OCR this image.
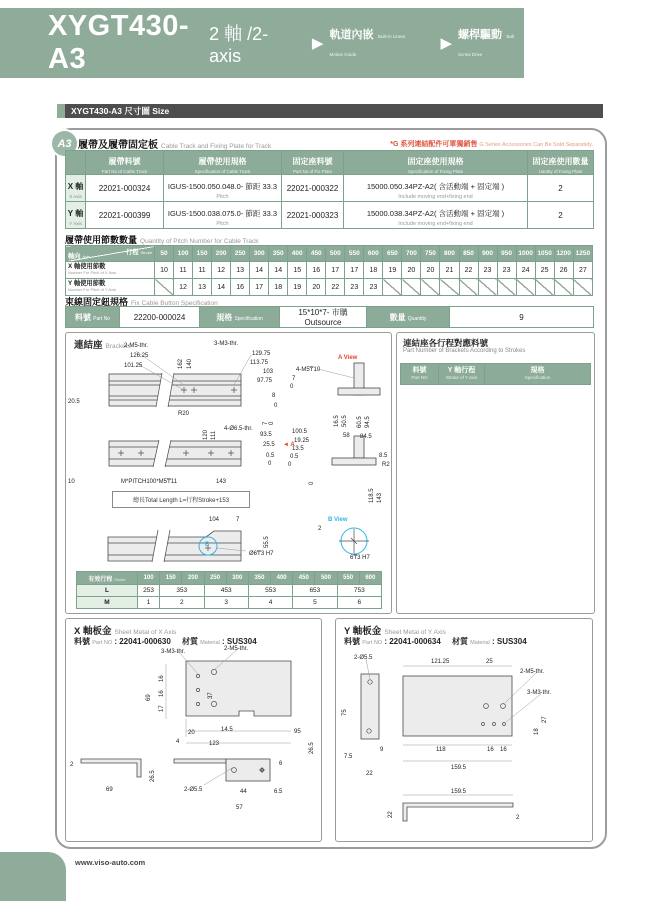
XYGT430-A3
2 軸 /2-axis
▶ 軌道內嵌 Built-in Linear Motion Guide
▶ 螺桿驅動 Ball Screw Drive
XYGT430-A3 尺寸圖 Size
A3 履帶及履帶固定板 Cable Track and Fixing Plate for Track	*G 系列連結配件可單獨銷售 G Series Accessories Can Be Sold Separately.
	履帶料號
Part No of Cable Track	履帶使用規格
Specification of Cable Track	固定座料號
Part No of Fix Plate	固定座使用規格
Specification of Fixing Plate	固定座使用數量
Uantity of Fixing Plate

X 軸
X Axis	22021-000324	IGUS-1500.050.048.0- 節距 33.3
Pitch	22021-000322	15000.050.34PZ-A2( 含活動端 + 固定端 )
Include moving end+fixing end	2
Y 軸
Y Axis	22021-000399	IGUS-1500.038.075.0- 節距 33.3
Pitch	22021-000323	15000.038.34PZ-A2( 含活動端 + 固定端 )
Include moving end+fixing end	2
履帶使用節數數量 Quantity of Pitch Number for Cable Track
行程 Stroke
軸向 Axis	50	100	150	200	250	300	350	400	450	500	550	600	650	700	750	800	850	900	950	1000	1050	1200	1250

X 軸使用節數
Number For Pitch of X Axis	10	11	11	12	13	14	14	15	16	17	17	18	19	20	20	21	22	23	23	24	25	26	27

Y 軸使用節數
Number For Pitch of Y Axis		12	13	14	16	17	18	19	20	22	23	23											
束線固定鈕規格 Fix Cable Button Specification
料號 Part No	22200-000024	規格 Specification	15*10*7- 市購 Outsource	數量 Quantity	9
連結座 Brackets
總長Total Length L=行程Stroke+153
有效行程 Stroke	100	150	200	250	300	350	400	450	500	550	600
L	253	353		453		553		653		753	
M	1	2		3		4		5		6	
2-M5-thr.
126.25
101.25	162 140
3-M3-thr.
129.75
113.75
103
97.75
8
0
20.5
R20
120 111
4-Ø6.5-thr.
7 0
A View
4-M5₸10
7
0
16.5 50.5 60.5 94.5
93.5
25.5 ◄ A
0.5
0
10	M*PITCH100*M5₸11	143
100.5
19.25
13.5
0.5
0
58 84.5
8.5
R2
0
118.5 143
104	7
55.5
Ø6₸3 H7
B
B View
2
6₸3 H7
連結座各行程對應料號
Part Number of Brackets According to Strokes
料號
Part NO
	Y 軸行程
Stroke of Y axis
	規格
Specification
X 軸板金 Sheet Metal of X Axis
料號 Part NO : 22041-000630 材質 Material : SUS304
3-M3-thr.	2-M5-thr.
69
16
16
17
37
4
20	14.5	95
123	26.5
2
69
26.5
2-Ø5.5	44	6.5
57
6
Y 軸板金 Sheet Metal of Y Axis
料號 Part NO : 22041-000634 材質 Material : SUS304
2-Ø5.5
75
121.25	25
2-M5-thr.
3-M3-thr.
27
18
7.5
9
22
118	16 16
159.5
159.5
22	2
www.viso-auto.com
